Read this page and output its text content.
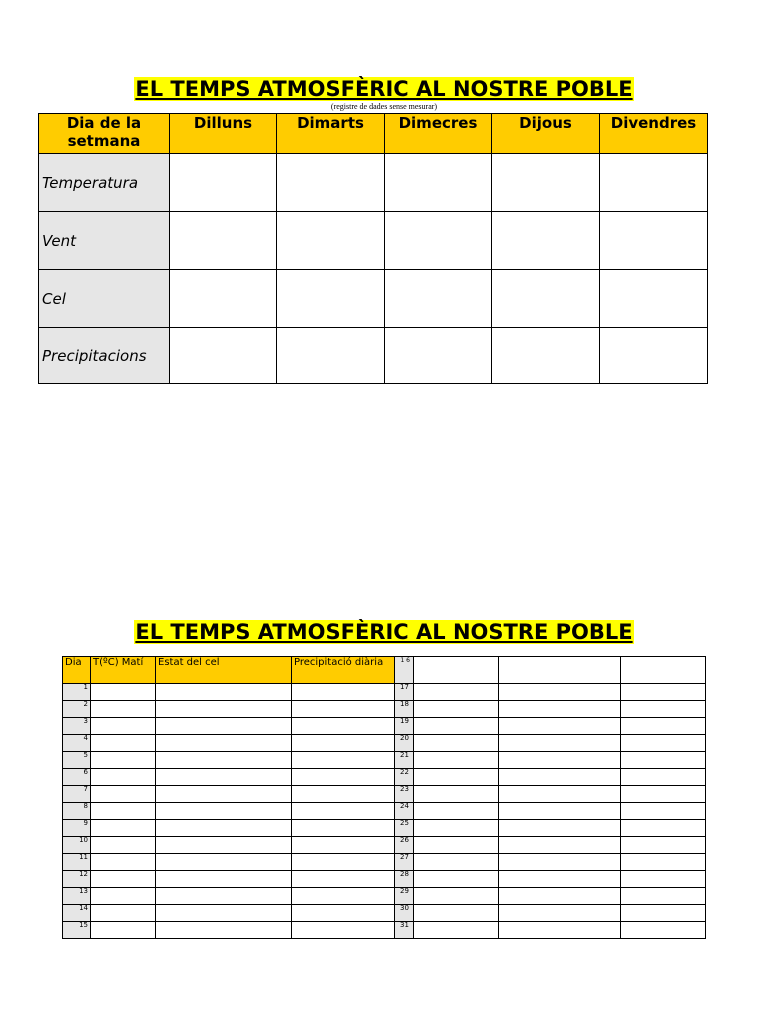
EL TEMPS ATMOSFÈRIC AL NOSTRE POBLE
(registre de dades sense mesurar)
Dia de la setmana	Dilluns	Dimarts	Dimecres	Dijous	Divendres
Temperatura					
Vent					
Cel					
Precipitacions					
EL TEMPS ATMOSFÈRIC AL NOSTRE POBLE
Dia	T(ºC) Matí	Estat del cel	Precipitació diària	1 6			
1				17			
2				18			
3				19			
4				20			
5				21			
6				22			
7				23			
8				24			
9				25			
10				26			
11				27			
12				28			
13				29			
14				30			
15				31			
